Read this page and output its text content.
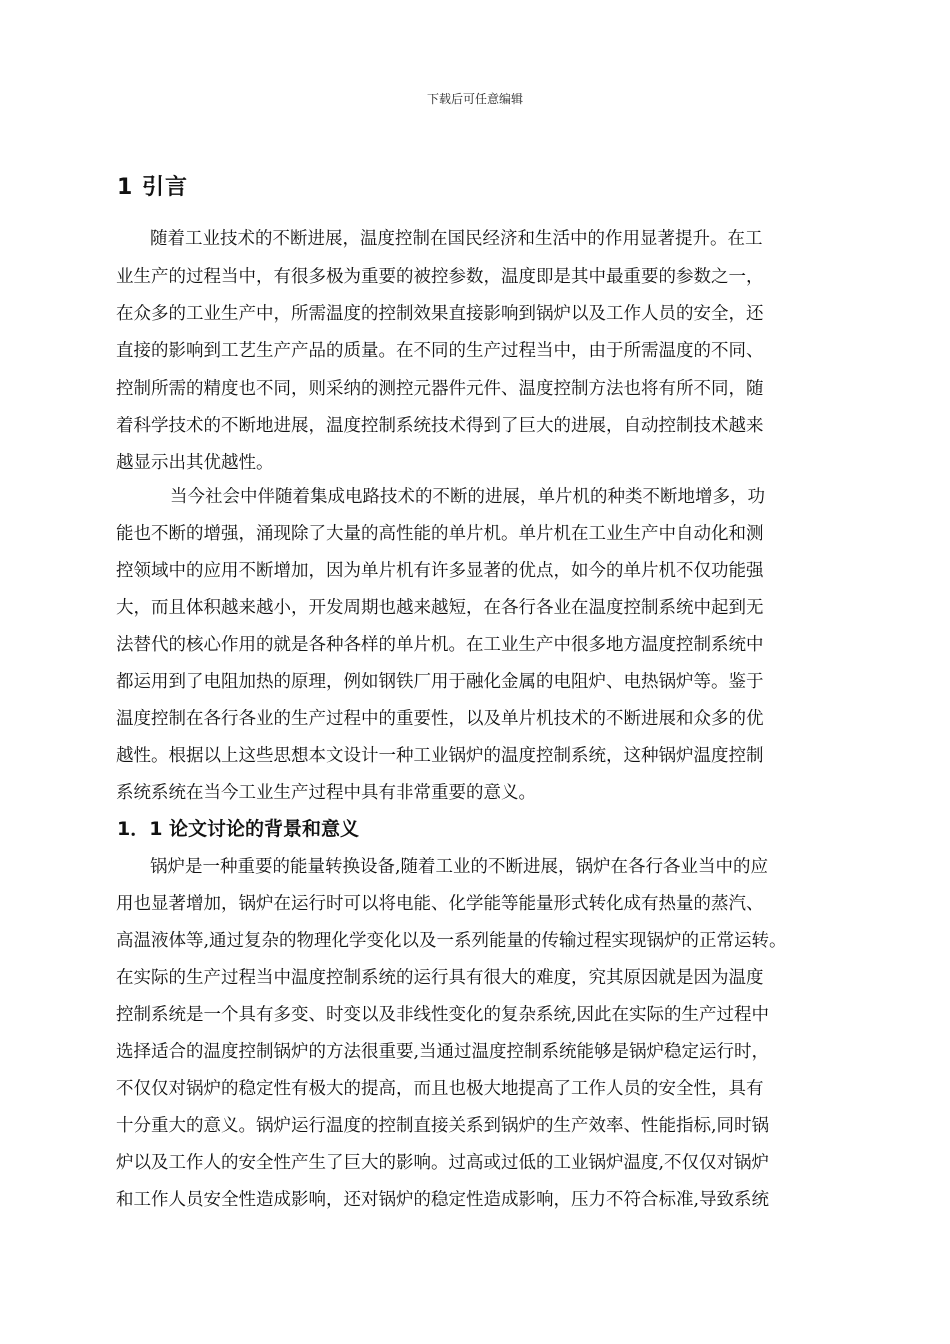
下载后可任意编辑
1 引言
随着工业技术的不断进展，温度控制在国民经济和生活中的作用显著提升。在工
业生产的过程当中，有很多极为重要的被控参数，温度即是其中最重要的参数之一，
在众多的工业生产中，所需温度的控制效果直接影响到锅炉以及工作人员的安全，还
直接的影响到工艺生产产品的质量。在不同的生产过程当中，由于所需温度的不同、
控制所需的精度也不同，则采纳的测控元器件元件、温度控制方法也将有所不同，随
着科学技术的不断地进展，温度控制系统技术得到了巨大的进展，自动控制技术越来
越显示出其优越性。
当今社会中伴随着集成电路技术的不断的进展，单片机的种类不断地增多，功
能也不断的增强，涌现除了大量的高性能的单片机。单片机在工业生产中自动化和测
控领域中的应用不断增加，因为单片机有许多显著的优点，如今的单片机不仅功能强
大，而且体积越来越小，开发周期也越来越短，在各行各业在温度控制系统中起到无
法替代的核心作用的就是各种各样的单片机。在工业生产中很多地方温度控制系统中
都运用到了电阻加热的原理，例如钢铁厂用于融化金属的电阻炉、电热锅炉等。鉴于
温度控制在各行各业的生产过程中的重要性，以及单片机技术的不断进展和众多的优
越性。根据以上这些思想本文设计一种工业锅炉的温度控制系统，这种锅炉温度控制
系统系统在当今工业生产过程中具有非常重要的意义。
1．1 论文讨论的背景和意义
锅炉是一种重要的能量转换设备,随着工业的不断进展，锅炉在各行各业当中的应
用也显著增加，锅炉在运行时可以将电能、化学能等能量形式转化成有热量的蒸汽、
高温液体等,通过复杂的物理化学变化以及一系列能量的传输过程实现锅炉的正常运转。
在实际的生产过程当中温度控制系统的运行具有很大的难度，究其原因就是因为温度
控制系统是一个具有多变、时变以及非线性变化的复杂系统,因此在实际的生产过程中
选择适合的温度控制锅炉的方法很重要,当通过温度控制系统能够是锅炉稳定运行时，
不仅仅对锅炉的稳定性有极大的提高，而且也极大地提高了工作人员的安全性，具有
十分重大的意义。锅炉运行温度的控制直接关系到锅炉的生产效率、性能指标,同时锅
炉以及工作人的安全性产生了巨大的影响。过高或过低的工业锅炉温度,不仅仅对锅炉
和工作人员安全性造成影响，还对锅炉的稳定性造成影响，压力不符合标准,导致系统
